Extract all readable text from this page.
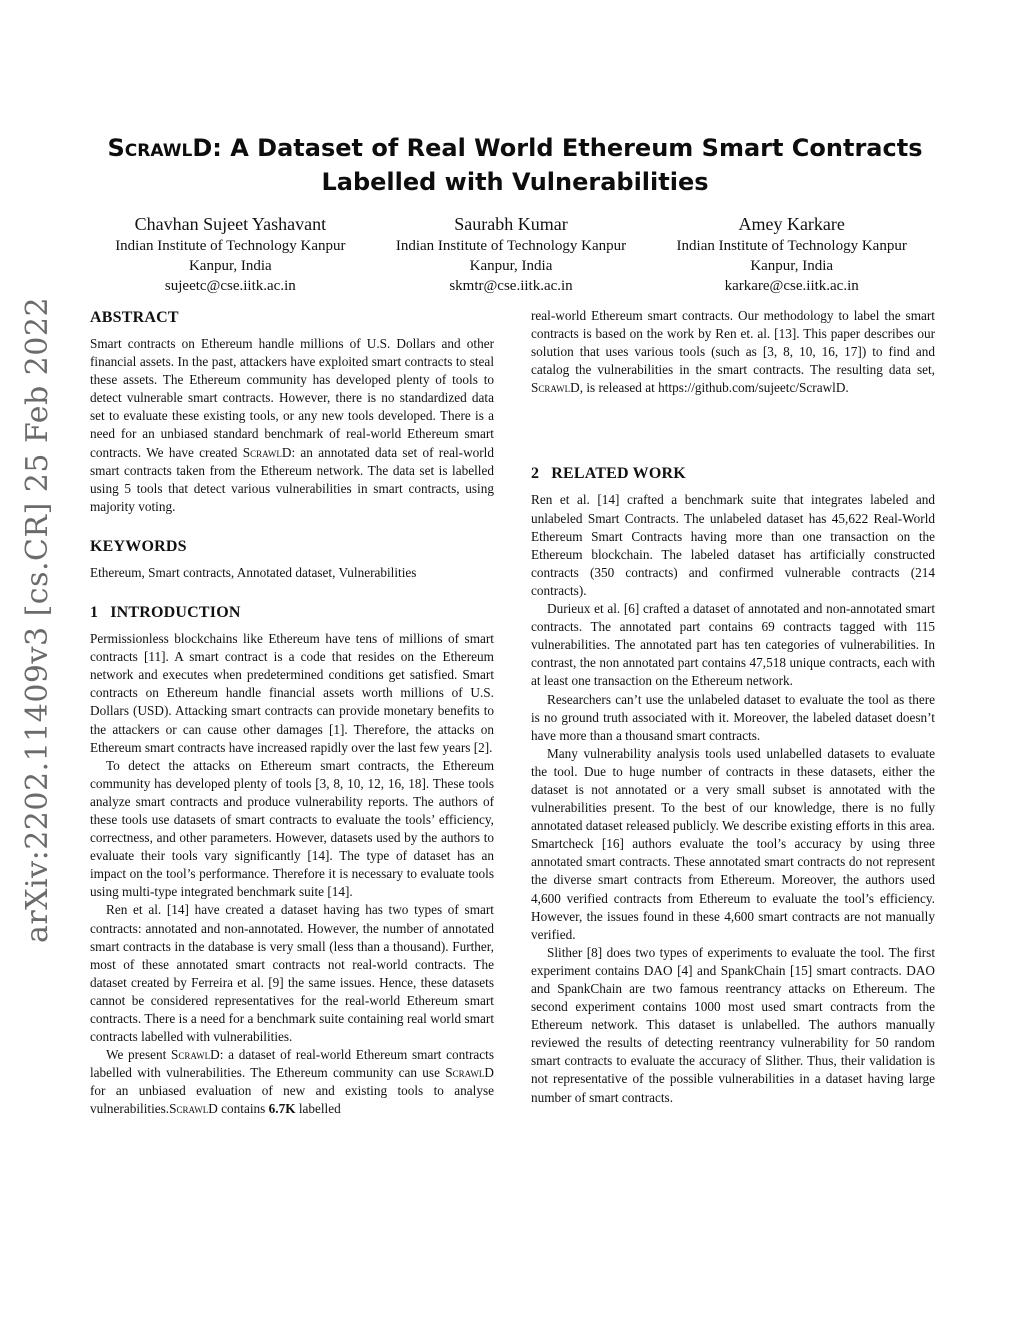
arXiv:2202.11409v3 [cs.CR] 25 Feb 2022
ScrawlD: A Dataset of Real World Ethereum Smart Contracts
Labelled with Vulnerabilities
Chavhan Sujeet Yashavant
Indian Institute of Technology Kanpur
Kanpur, India
sujeetc@cse.iitk.ac.in
Saurabh Kumar
Indian Institute of Technology Kanpur
Kanpur, India
skmtr@cse.iitk.ac.in
Amey Karkare
Indian Institute of Technology Kanpur
Kanpur, India
karkare@cse.iitk.ac.in
ABSTRACT

Smart contracts on Ethereum handle millions of U.S. Dollars and other financial assets. In the past, attackers have exploited smart contracts to steal these assets. The Ethereum community has developed plenty of tools to detect vulnerable smart contracts. However, there is no standardized data set to evaluate these existing tools, or any new tools developed. There is a need for an unbiased standard benchmark of real-world Ethereum smart contracts. We have created ScrawlD: an annotated data set of real-world smart contracts taken from the Ethereum network. The data set is labelled using 5 tools that detect various vulnerabilities in smart contracts, using majority voting.

KEYWORDS

Ethereum, Smart contracts, Annotated dataset, Vulnerabilities

1 INTRODUCTION

Permissionless blockchains like Ethereum have tens of millions of smart contracts [11]. A smart contract is a code that resides on the Ethereum network and executes when predetermined conditions get satisfied. Smart contracts on Ethereum handle financial assets worth millions of U.S. Dollars (USD). Attacking smart contracts can provide monetary benefits to the attackers or can cause other damages [1]. Therefore, the attacks on Ethereum smart contracts have increased rapidly over the last few years [2].

To detect the attacks on Ethereum smart contracts, the Ethereum community has developed plenty of tools [3, 8, 10, 12, 16, 18]. These tools analyze smart contracts and produce vulnerability reports. The authors of these tools use datasets of smart contracts to evaluate the tools’ efficiency, correctness, and other parameters. However, datasets used by the authors to evaluate their tools vary significantly [14]. The type of dataset has an impact on the tool’s performance. Therefore it is necessary to evaluate tools using multi-type integrated benchmark suite [14].

Ren et al. [14] have created a dataset having has two types of smart contracts: annotated and non-annotated. However, the number of annotated smart contracts in the database is very small (less than a thousand). Further, most of these annotated smart contracts not real-world contracts. The dataset created by Ferreira et al. [9] the same issues. Hence, these datasets cannot be considered representatives for the real-world Ethereum smart contracts. There is a need for a benchmark suite containing real world smart contracts labelled with vulnerabilities.

We present ScrawlD: a dataset of real-world Ethereum smart contracts labelled with vulnerabilities. The Ethereum community can use ScrawlD for an unbiased evaluation of new and existing tools to analyse vulnerabilities.ScrawlD contains 6.7K labelled

real-world Ethereum smart contracts. Our methodology to label the smart contracts is based on the work by Ren et. al. [13]. This paper describes our solution that uses various tools (such as [3, 8, 10, 16, 17]) to find and catalog the vulnerabilities in the smart contracts. The resulting data set, ScrawlD, is released at https://github.com/sujeetc/ScrawlD.

2 RELATED WORK

Ren et al. [14] crafted a benchmark suite that integrates labeled and unlabeled Smart Contracts. The unlabeled dataset has 45,622 Real-World Ethereum Smart Contracts having more than one transaction on the Ethereum blockchain. The labeled dataset has artificially constructed contracts (350 contracts) and confirmed vulnerable contracts (214 contracts).

Durieux et al. [6] crafted a dataset of annotated and non-annotated smart contracts. The annotated part contains 69 contracts tagged with 115 vulnerabilities. The annotated part has ten categories of vulnerabilities. In contrast, the non annotated part contains 47,518 unique contracts, each with at least one transaction on the Ethereum network.

Researchers can’t use the unlabeled dataset to evaluate the tool as there is no ground truth associated with it. Moreover, the labeled dataset doesn’t have more than a thousand smart contracts.

Many vulnerability analysis tools used unlabelled datasets to evaluate the tool. Due to huge number of contracts in these datasets, either the dataset is not annotated or a very small subset is annotated with the vulnerabilities present. To the best of our knowledge, there is no fully annotated dataset released publicly. We describe existing efforts in this area. Smartcheck [16] authors evaluate the tool’s accuracy by using three annotated smart contracts. These annotated smart contracts do not represent the diverse smart contracts from Ethereum. Moreover, the authors used 4,600 verified contracts from Ethereum to evaluate the tool’s efficiency. However, the issues found in these 4,600 smart contracts are not manually verified.

Slither [8] does two types of experiments to evaluate the tool. The first experiment contains DAO [4] and SpankChain [15] smart contracts. DAO and SpankChain are two famous reentrancy attacks on Ethereum. The second experiment contains 1000 most used smart contracts from the Ethereum network. This dataset is unlabelled. The authors manually reviewed the results of detecting reentrancy vulnerability for 50 random smart contracts to evaluate the accuracy of Slither. Thus, their validation is not representative of the possible vulnerabilities in a dataset having large number of smart contracts.
